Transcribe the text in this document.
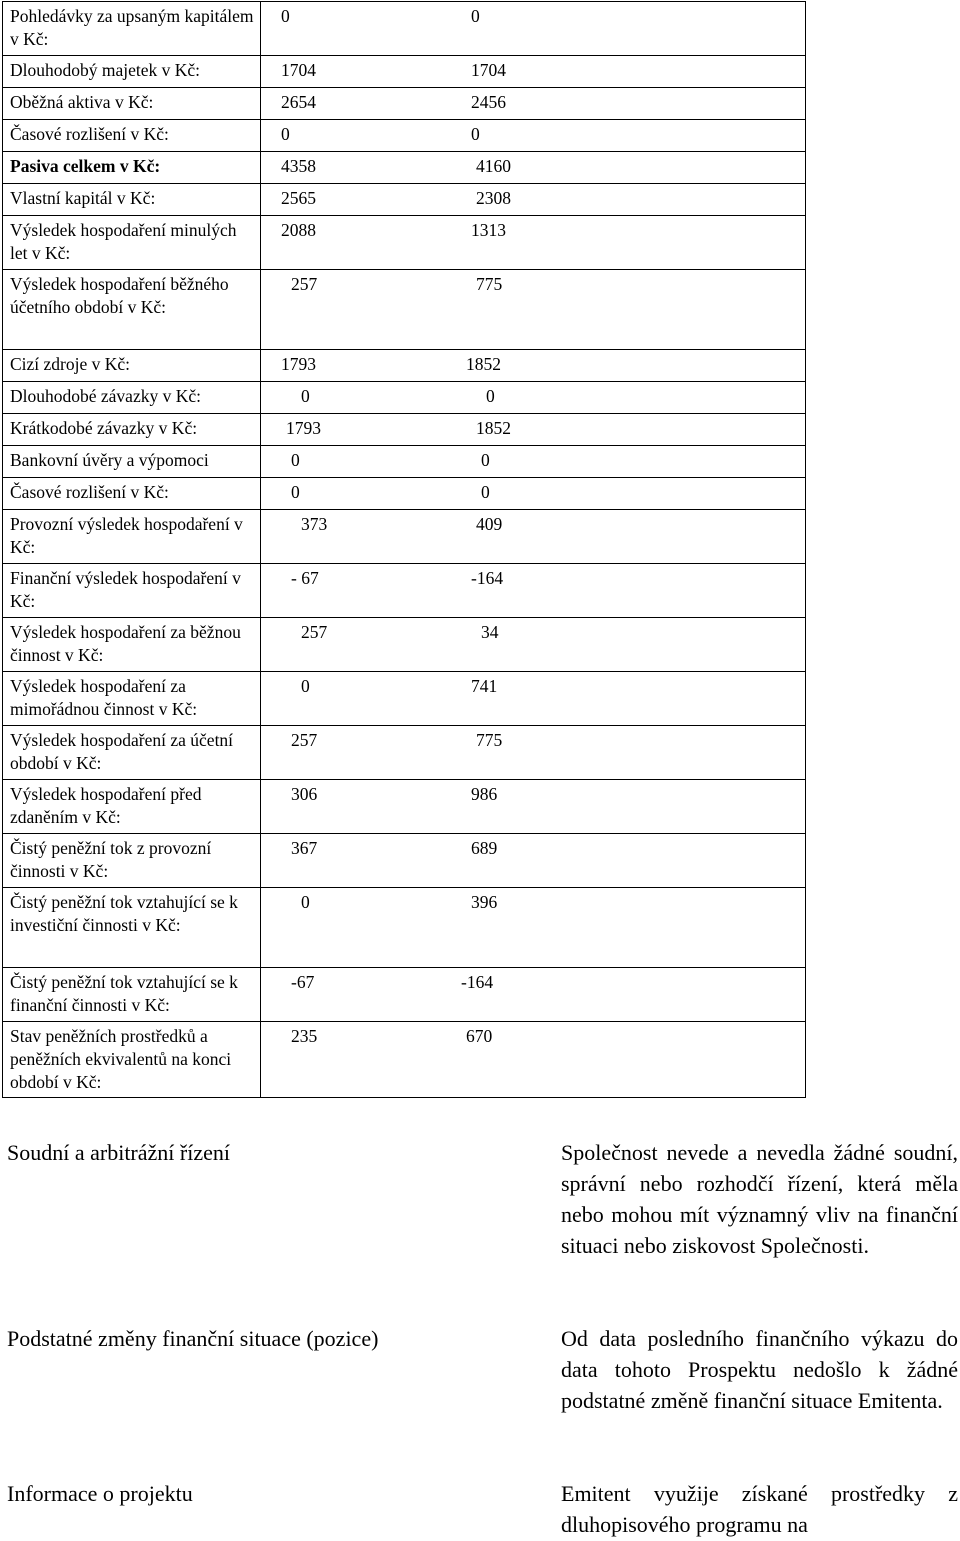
Pohledávky za upsaným kapitálem v Kč:	0 0

Dlouhodobý majetek v Kč:	1704 1704

Oběžná aktiva v Kč:	2654 2456

Časové rozlišení v Kč:	0 0

Pasiva celkem v Kč:	4358 4160

Vlastní kapitál v Kč:	2565 2308

Výsledek hospodaření minulých let v Kč:	2088 1313

Výsledek hospodaření běžného účetního období v Kč:	257 775

Cizí zdroje v Kč:	1793 1852

Dlouhodobé závazky v Kč:	0 0

Krátkodobé závazky v Kč:	1793 1852

Bankovní úvěry a výpomoci	0 0

Časové rozlišení v Kč:	0 0

Provozní výsledek hospodaření v Kč:	373 409

Finanční výsledek hospodaření v Kč:	- 67 -164

Výsledek hospodaření za běžnou činnost v Kč:	257 34

Výsledek hospodaření za mimořádnou činnost v Kč:	0 741

Výsledek hospodaření za účetní období v Kč:	257 775

Výsledek hospodaření před zdaněním v Kč:	306 986

Čistý peněžní tok z provozní činnosti v Kč:	367 689

Čistý peněžní tok vztahující se k investiční činnosti v Kč:	0 396

Čistý peněžní tok vztahující se k finanční činnosti v Kč:	-67 -164

Stav peněžních prostředků a peněžních ekvivalentů na konci období v Kč:	235 670
Soudní a arbitrážní řízení	Společnost nevede a nevedla žádné soudní, správní nebo rozhodčí řízení, která měla nebo mohou mít významný vliv na finanční situaci nebo ziskovost Společnosti.
Podstatné změny finanční situace (pozice)	Od data posledního finančního výkazu do data tohoto Prospektu nedošlo k žádné podstatné změně finanční situace Emitenta.
Informace o projektu	Emitent využije získané prostředky z dluhopisového programu na
